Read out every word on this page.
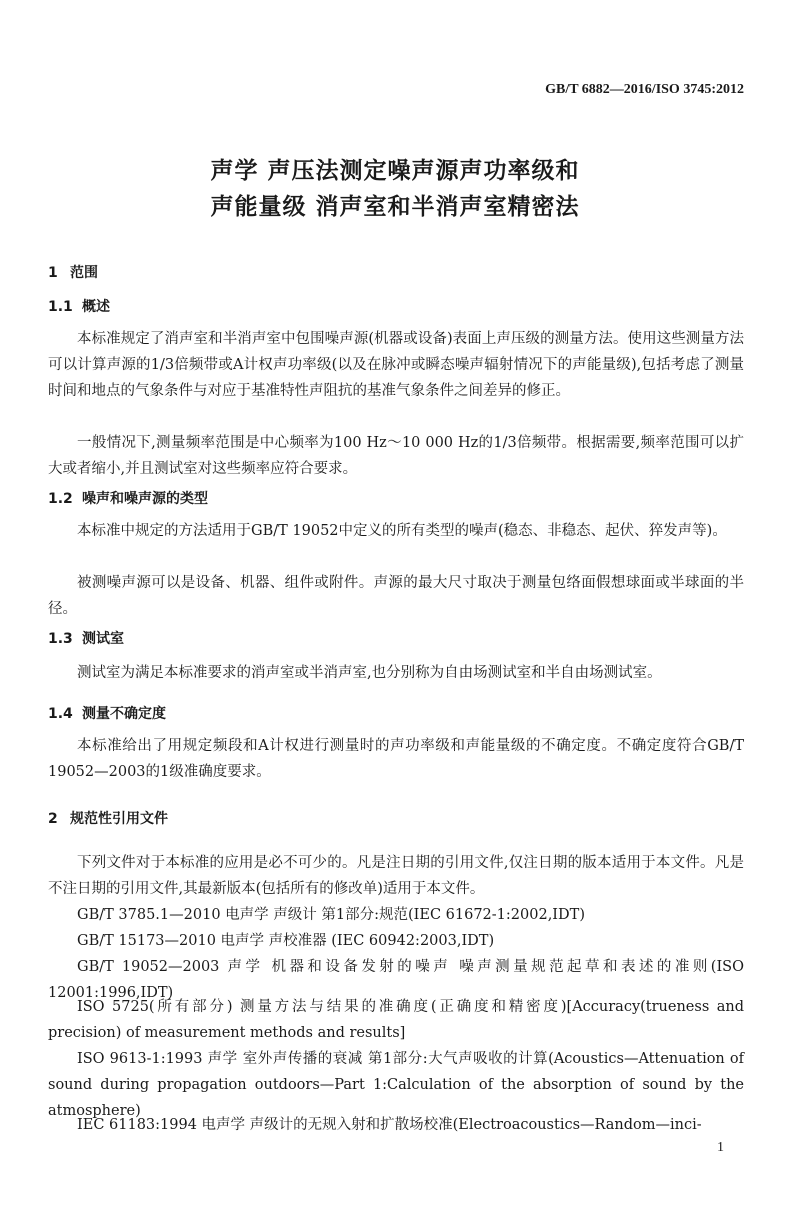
GB/T 6882—2016/ISO 3745:2012
声学 声压法测定噪声源声功率级和
声能量级 消声室和半消声室精密法
1 范围
1.1 概述
本标准规定了消声室和半消声室中包围噪声源(机器或设备)表面上声压级的测量方法。使用这些测量方法可以计算声源的1/3倍频带或A计权声功率级(以及在脉冲或瞬态噪声辐射情况下的声能量级),包括考虑了测量时间和地点的气象条件与对应于基准特性声阻抗的基准气象条件之间差异的修正。
一般情况下,测量频率范围是中心频率为100 Hz～10 000 Hz的1/3倍频带。根据需要,频率范围可以扩大或者缩小,并且测试室对这些频率应符合要求。
1.2 噪声和噪声源的类型
本标准中规定的方法适用于GB/T 19052中定义的所有类型的噪声(稳态、非稳态、起伏、猝发声等)。
被测噪声源可以是设备、机器、组件或附件。声源的最大尺寸取决于测量包络面假想球面或半球面的半径。
1.3 测试室
测试室为满足本标准要求的消声室或半消声室,也分别称为自由场测试室和半自由场测试室。
1.4 测量不确定度
本标准给出了用规定频段和A计权进行测量时的声功率级和声能量级的不确定度。不确定度符合GB/T 19052—2003的1级准确度要求。
2 规范性引用文件
下列文件对于本标准的应用是必不可少的。凡是注日期的引用文件,仅注日期的版本适用于本文件。凡是不注日期的引用文件,其最新版本(包括所有的修改单)适用于本文件。
GB/T 3785.1—2010 电声学 声级计 第1部分:规范(IEC 61672-1:2002,IDT)
GB/T 15173—2010 电声学 声校准器 (IEC 60942:2003,IDT)
GB/T 19052—2003 声学 机器和设备发射的噪声 噪声测量规范起草和表述的准则(ISO 12001:1996,IDT)
ISO 5725(所有部分) 测量方法与结果的准确度(正确度和精密度)[Accuracy(trueness and precision) of measurement methods and results]
ISO 9613-1:1993 声学 室外声传播的衰减 第1部分:大气声吸收的计算(Acoustics—Attenuation of sound during propagation outdoors—Part 1:Calculation of the absorption of sound by the atmosphere)
IEC 61183:1994 电声学 声级计的无规入射和扩散场校准(Electroacoustics—Random—inci-
1
